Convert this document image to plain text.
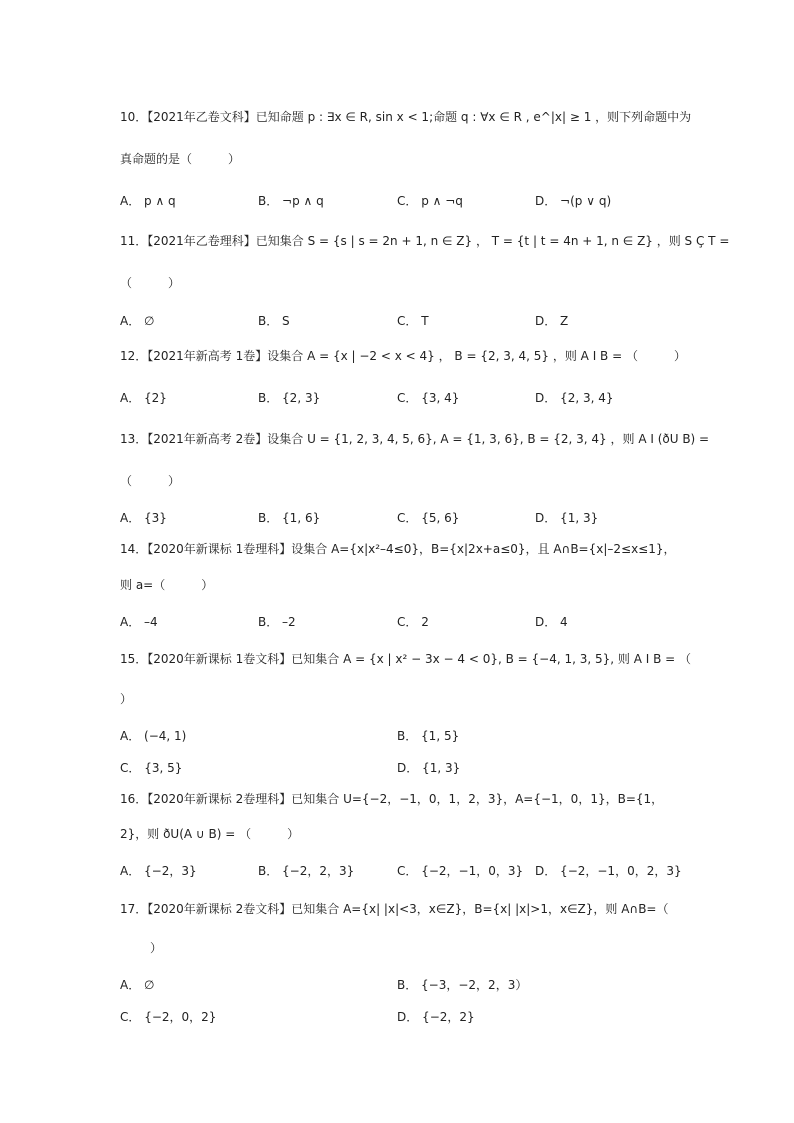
10．【2021年乙卷文科】已知命题 p : ∃x ∈ R, sin x < 1;命题 q : ∀x ∈ R , e^|x| ≥ 1 ，则下列命题中为
真命题的是（　　　）
A． p ∧ q	B． ¬p ∧ q	C． p ∧ ¬q	D． ¬(p ∨ q)
11．【2021年乙卷理科】已知集合 S = {s | s = 2n + 1, n ∈ Z} ， T = {t | t = 4n + 1, n ∈ Z} ，则 S Ç T =
（　　　）
A． ∅	B． S	C． T	D． Z
12．【2021年新高考 1卷】设集合 A = {x | −2 < x < 4} ， B = {2, 3, 4, 5} ，则 A I B = （　　　）
A． {2}	B． {2, 3}	C． {3, 4}	D． {2, 3, 4}
13．【2021年新高考 2卷】设集合 U = {1, 2, 3, 4, 5, 6}, A = {1, 3, 6}, B = {2, 3, 4} ，则 A I (ðU B) =
（　　　）
A． {3}	B． {1, 6}	C． {5, 6}	D． {1, 3}
14．【2020年新课标 1卷理科】设集合 A={x|x²–4≤0}，B={x|2x+a≤0}，且 A∩B={x|–2≤x≤1}，
则 a=（　　　）
A． –4	B． –2	C． 2	D． 4
15．【2020年新课标 1卷文科】已知集合 A = {x | x² − 3x − 4 < 0}, B = {−4, 1, 3, 5}, 则 A I B = （
）
A． (−4, 1)	B． {1, 5}
C． {3, 5}	D． {1, 3}
16．【2020年新课标 2卷理科】已知集合 U={−2，−1，0，1，2，3}，A={−1，0，1}，B={1，
2}，则 ðU(A ∪ B) = （　　　）
A． {−2，3}	B． {−2，2，3}	C． {−2，−1，0，3} D． {−2，−1，0，2，3}
17．【2020年新课标 2卷文科】已知集合 A={x| |x|<3，x∈Z}，B={x| |x|>1，x∈Z}，则 A∩B=（
）
A． ∅	B． {−3，−2，2，3）
C． {−2，0，2}	D． {−2，2}
